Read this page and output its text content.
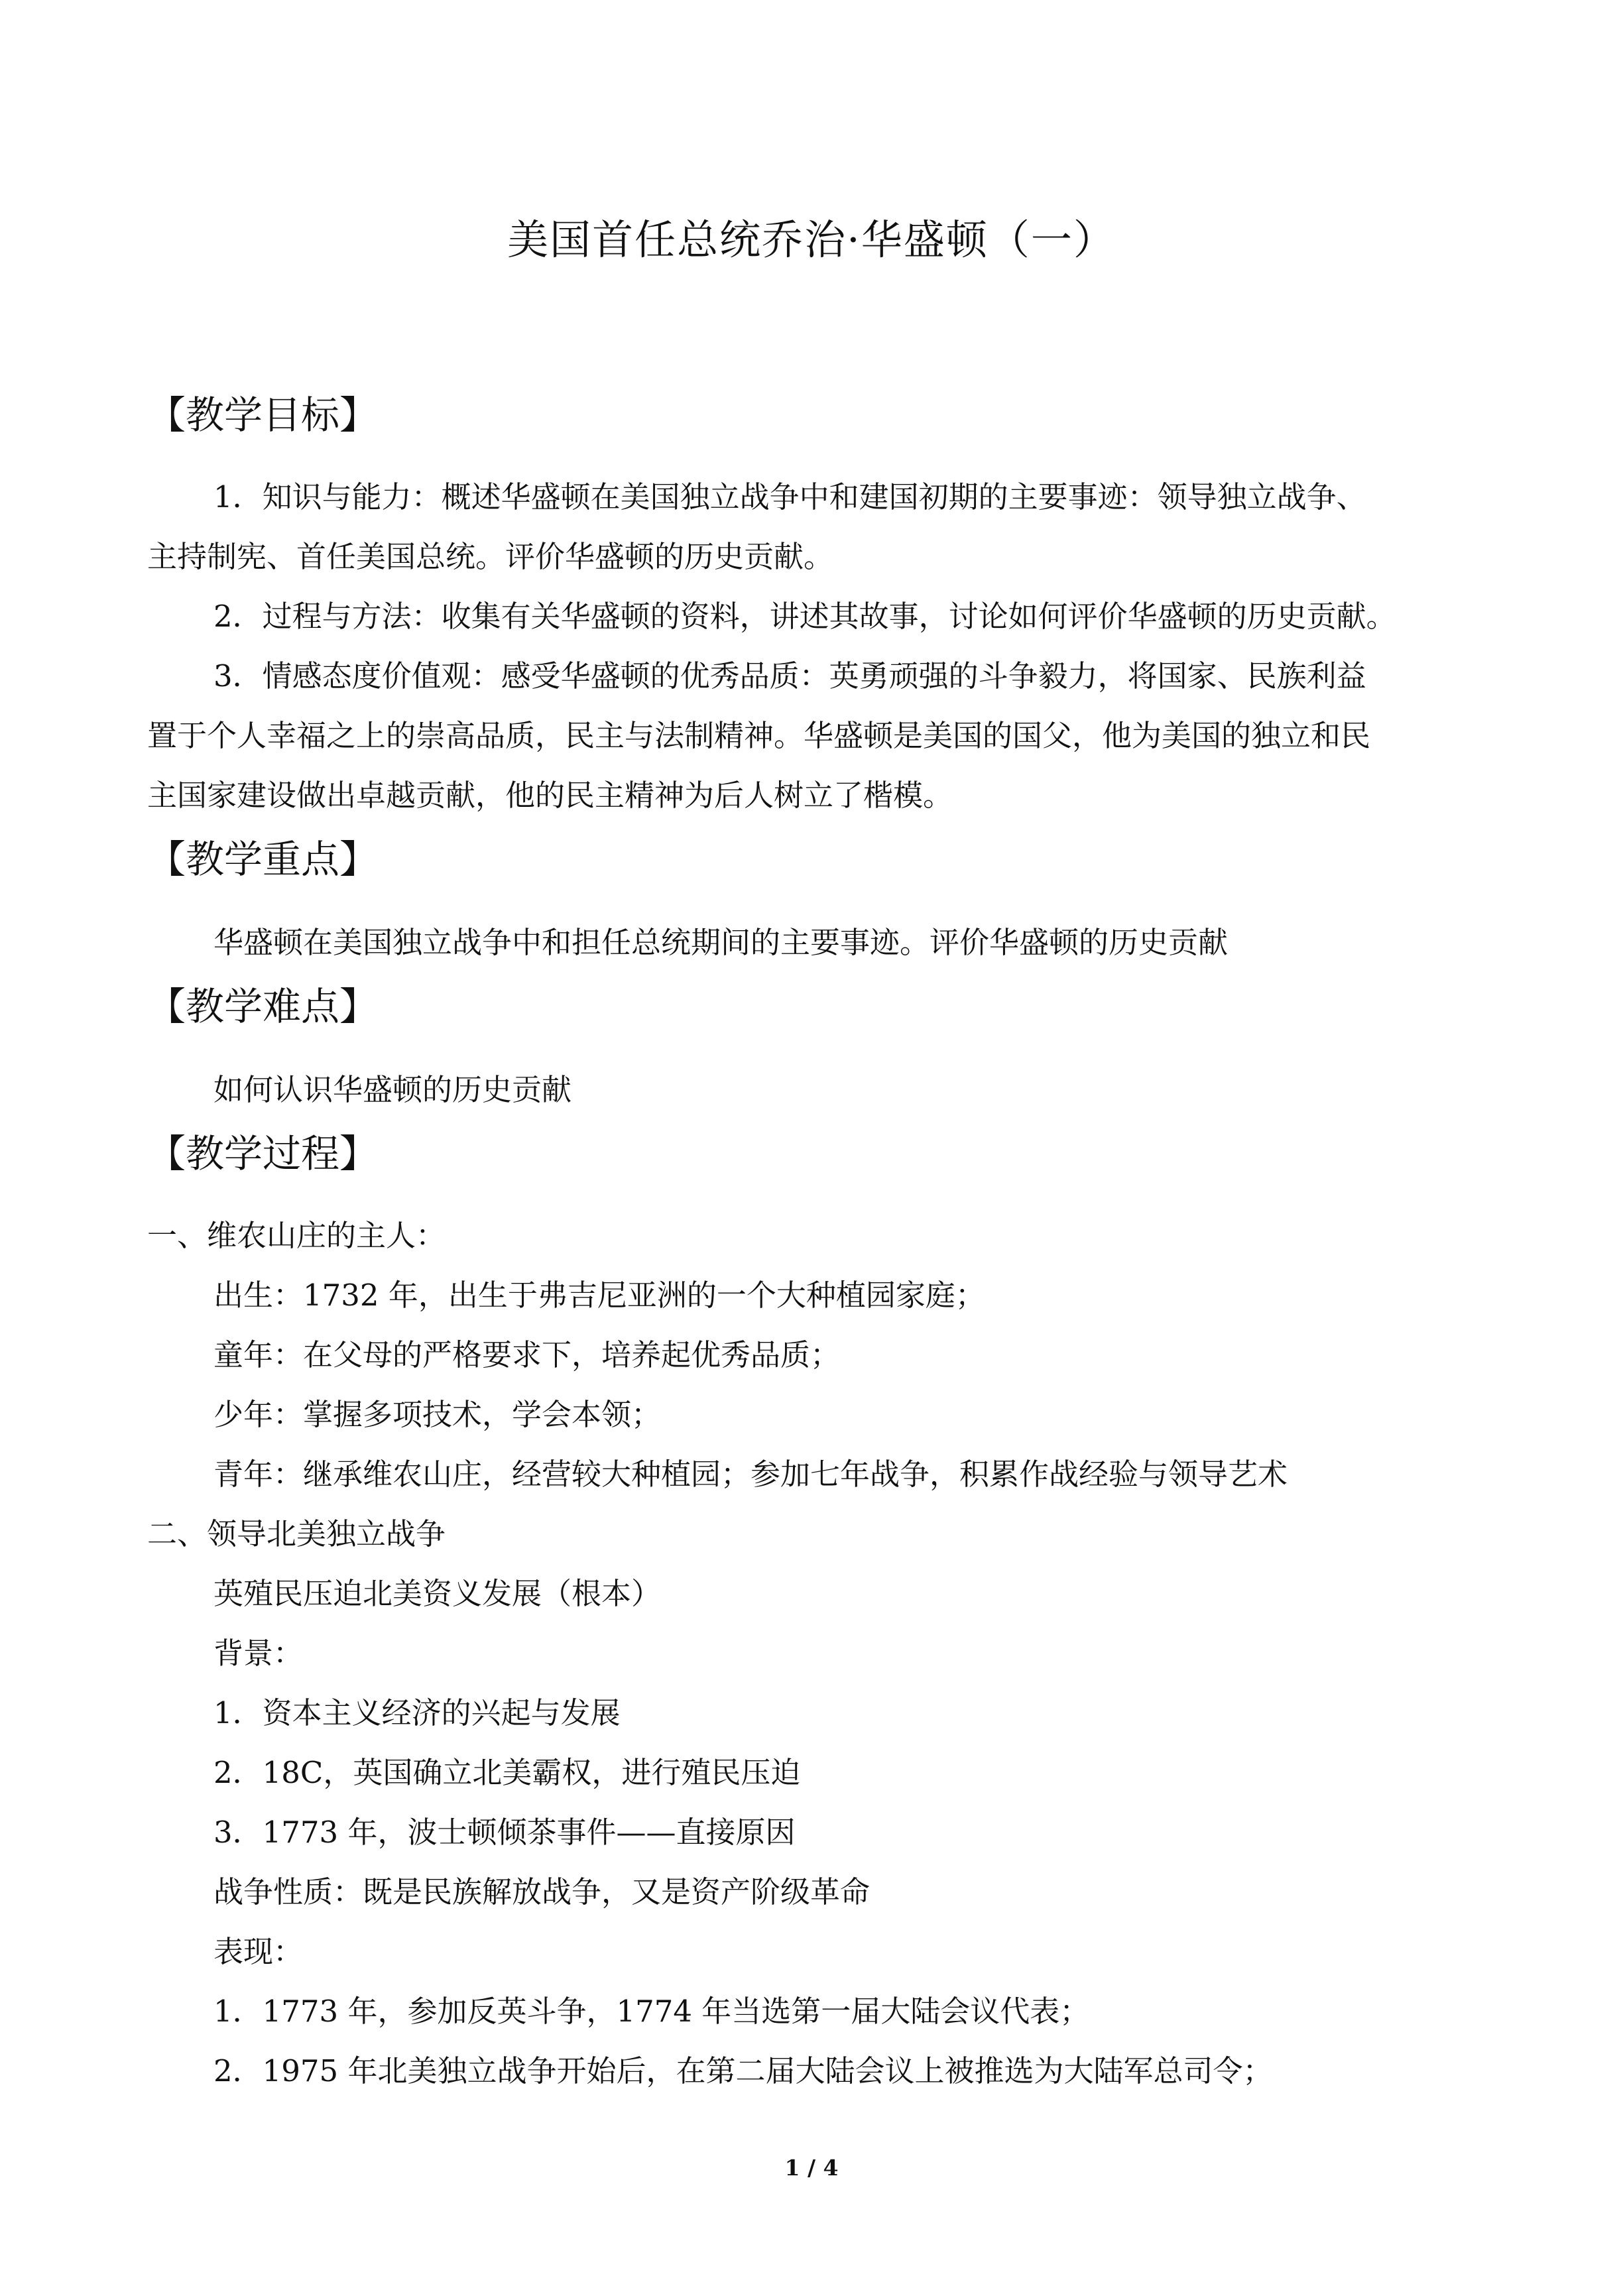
美国首任总统乔治·华盛顿（一）
【教学目标】
1．知识与能力：概述华盛顿在美国独立战争中和建国初期的主要事迹：领导独立战争、
主持制宪、首任美国总统。评价华盛顿的历史贡献。
2．过程与方法：收集有关华盛顿的资料，讲述其故事，讨论如何评价华盛顿的历史贡献。
3．情感态度价值观：感受华盛顿的优秀品质：英勇顽强的斗争毅力，将国家、民族利益
置于个人幸福之上的崇高品质，民主与法制精神。华盛顿是美国的国父，他为美国的独立和民
主国家建设做出卓越贡献，他的民主精神为后人树立了楷模。
【教学重点】
华盛顿在美国独立战争中和担任总统期间的主要事迹。评价华盛顿的历史贡献
【教学难点】
如何认识华盛顿的历史贡献
【教学过程】
一、维农山庄的主人：
出生：1732 年，出生于弗吉尼亚洲的一个大种植园家庭；
童年：在父母的严格要求下，培养起优秀品质；
少年：掌握多项技术，学会本领；
青年：继承维农山庄，经营较大种植园；参加七年战争，积累作战经验与领导艺术
二、领导北美独立战争
英殖民压迫北美资义发展（根本）
背景：
1．资本主义经济的兴起与发展
2．18C，英国确立北美霸权，进行殖民压迫
3．1773 年，波士顿倾茶事件——直接原因
战争性质：既是民族解放战争，又是资产阶级革命
表现：
1．1773 年，参加反英斗争，1774 年当选第一届大陆会议代表；
2．1975 年北美独立战争开始后，在第二届大陆会议上被推选为大陆军总司令；
1 / 4
